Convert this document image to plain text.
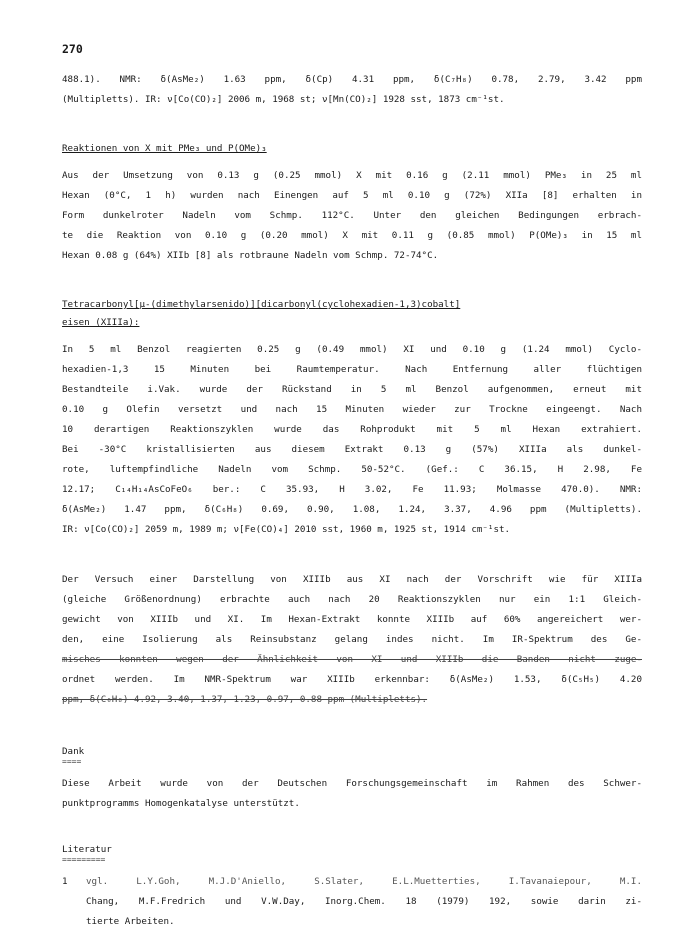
270
488.1). NMR: δ(AsMe₂) 1.63 ppm, δ(Cp) 4.31 ppm, δ(C₇H₈) 0.78, 2.79, 3.42 ppm
(Multipletts). IR: ν[Co(CO)₂] 2006 m, 1968 st; ν[Mn(CO)₂] 1928 sst, 1873 cm⁻¹st.
Reaktionen von X mit PMe₃ und P(OMe)₃
Aus der Umsetzung von 0.13 g (0.25 mmol) X mit 0.16 g (2.11 mmol) PMe₃ in 25 ml
Hexan (0°C, 1 h) wurden nach Einengen auf 5 ml 0.10 g (72%) XIIa [8] erhalten in
Form dunkelroter Nadeln vom Schmp. 112°C. Unter den gleichen Bedingungen erbrach-
te die Reaktion von 0.10 g (0.20 mmol) X mit 0.11 g (0.85 mmol) P(OMe)₃ in 15 ml
Hexan 0.08 g (64%) XIIb [8] als rotbraune Nadeln vom Schmp. 72-74°C.
Tetracarbonyl[μ-(dimethylarsenido)][dicarbonyl(cyclohexadien-1,3)cobalt]
eisen (XIIIa):
In 5 ml Benzol reagierten 0.25 g (0.49 mmol) XI und 0.10 g (1.24 mmol) Cyclo-
hexadien-1,3 15 Minuten bei Raumtemperatur. Nach Entfernung aller flüchtigen
Bestandteile i.Vak. wurde der Rückstand in 5 ml Benzol aufgenommen, erneut mit
0.10 g Olefin versetzt und nach 15 Minuten wieder zur Trockne eingeengt. Nach
10 derartigen Reaktionszyklen wurde das Rohprodukt mit 5 ml Hexan extrahiert.
Bei -30°C kristallisierten aus diesem Extrakt 0.13 g (57%) XIIIa als dunkel-
rote, luftempfindliche Nadeln vom Schmp. 50-52°C. (Gef.: C 36.15, H 2.98, Fe
12.17; C₁₄H₁₄AsCoFeO₆ ber.: C 35.93, H 3.02, Fe 11.93; Molmasse 470.0). NMR:
δ(AsMe₂) 1.47 ppm, δ(C₆H₈) 0.69, 0.90, 1.08, 1.24, 3.37, 4.96 ppm (Multipletts).
IR: ν[Co(CO)₂] 2059 m, 1989 m; ν[Fe(CO)₄] 2010 sst, 1960 m, 1925 st, 1914 cm⁻¹st.
Der Versuch einer Darstellung von XIIIb aus XI nach der Vorschrift wie für XIIIa
(gleiche Größenordnung) erbrachte auch nach 20 Reaktionszyklen nur ein 1:1 Gleich-
gewicht von XIIIb und XI. Im Hexan-Extrakt konnte XIIIb auf 60% angereichert wer-
den, eine Isolierung als Reinsubstanz gelang indes nicht. Im IR-Spektrum des Ge-
misches konnten wegen der Ähnlichkeit von XI und XIIIb die Banden nicht zuge-
ordnet werden. Im NMR-Spektrum war XIIIb erkennbar: δ(AsMe₂) 1.53, δ(C₅H₅) 4.20
ppm, δ(C₆H₈) 4.92, 3.40, 1.37, 1.23, 0.97, 0.88 ppm (Multipletts).
Dank
====
Diese Arbeit wurde von der Deutschen Forschungsgemeinschaft im Rahmen des Schwer-
punktprogramms Homogenkatalyse unterstützt.
Literatur
=========
1	vgl. L.Y.Goh, M.J.D'Aniello, S.Slater, E.L.Muetterties, I.Tavanaiepour, M.I.
Chang, M.F.Fredrich und V.W.Day, Inorg.Chem. 18 (1979) 192, sowie darin zi-
tierte Arbeiten.
